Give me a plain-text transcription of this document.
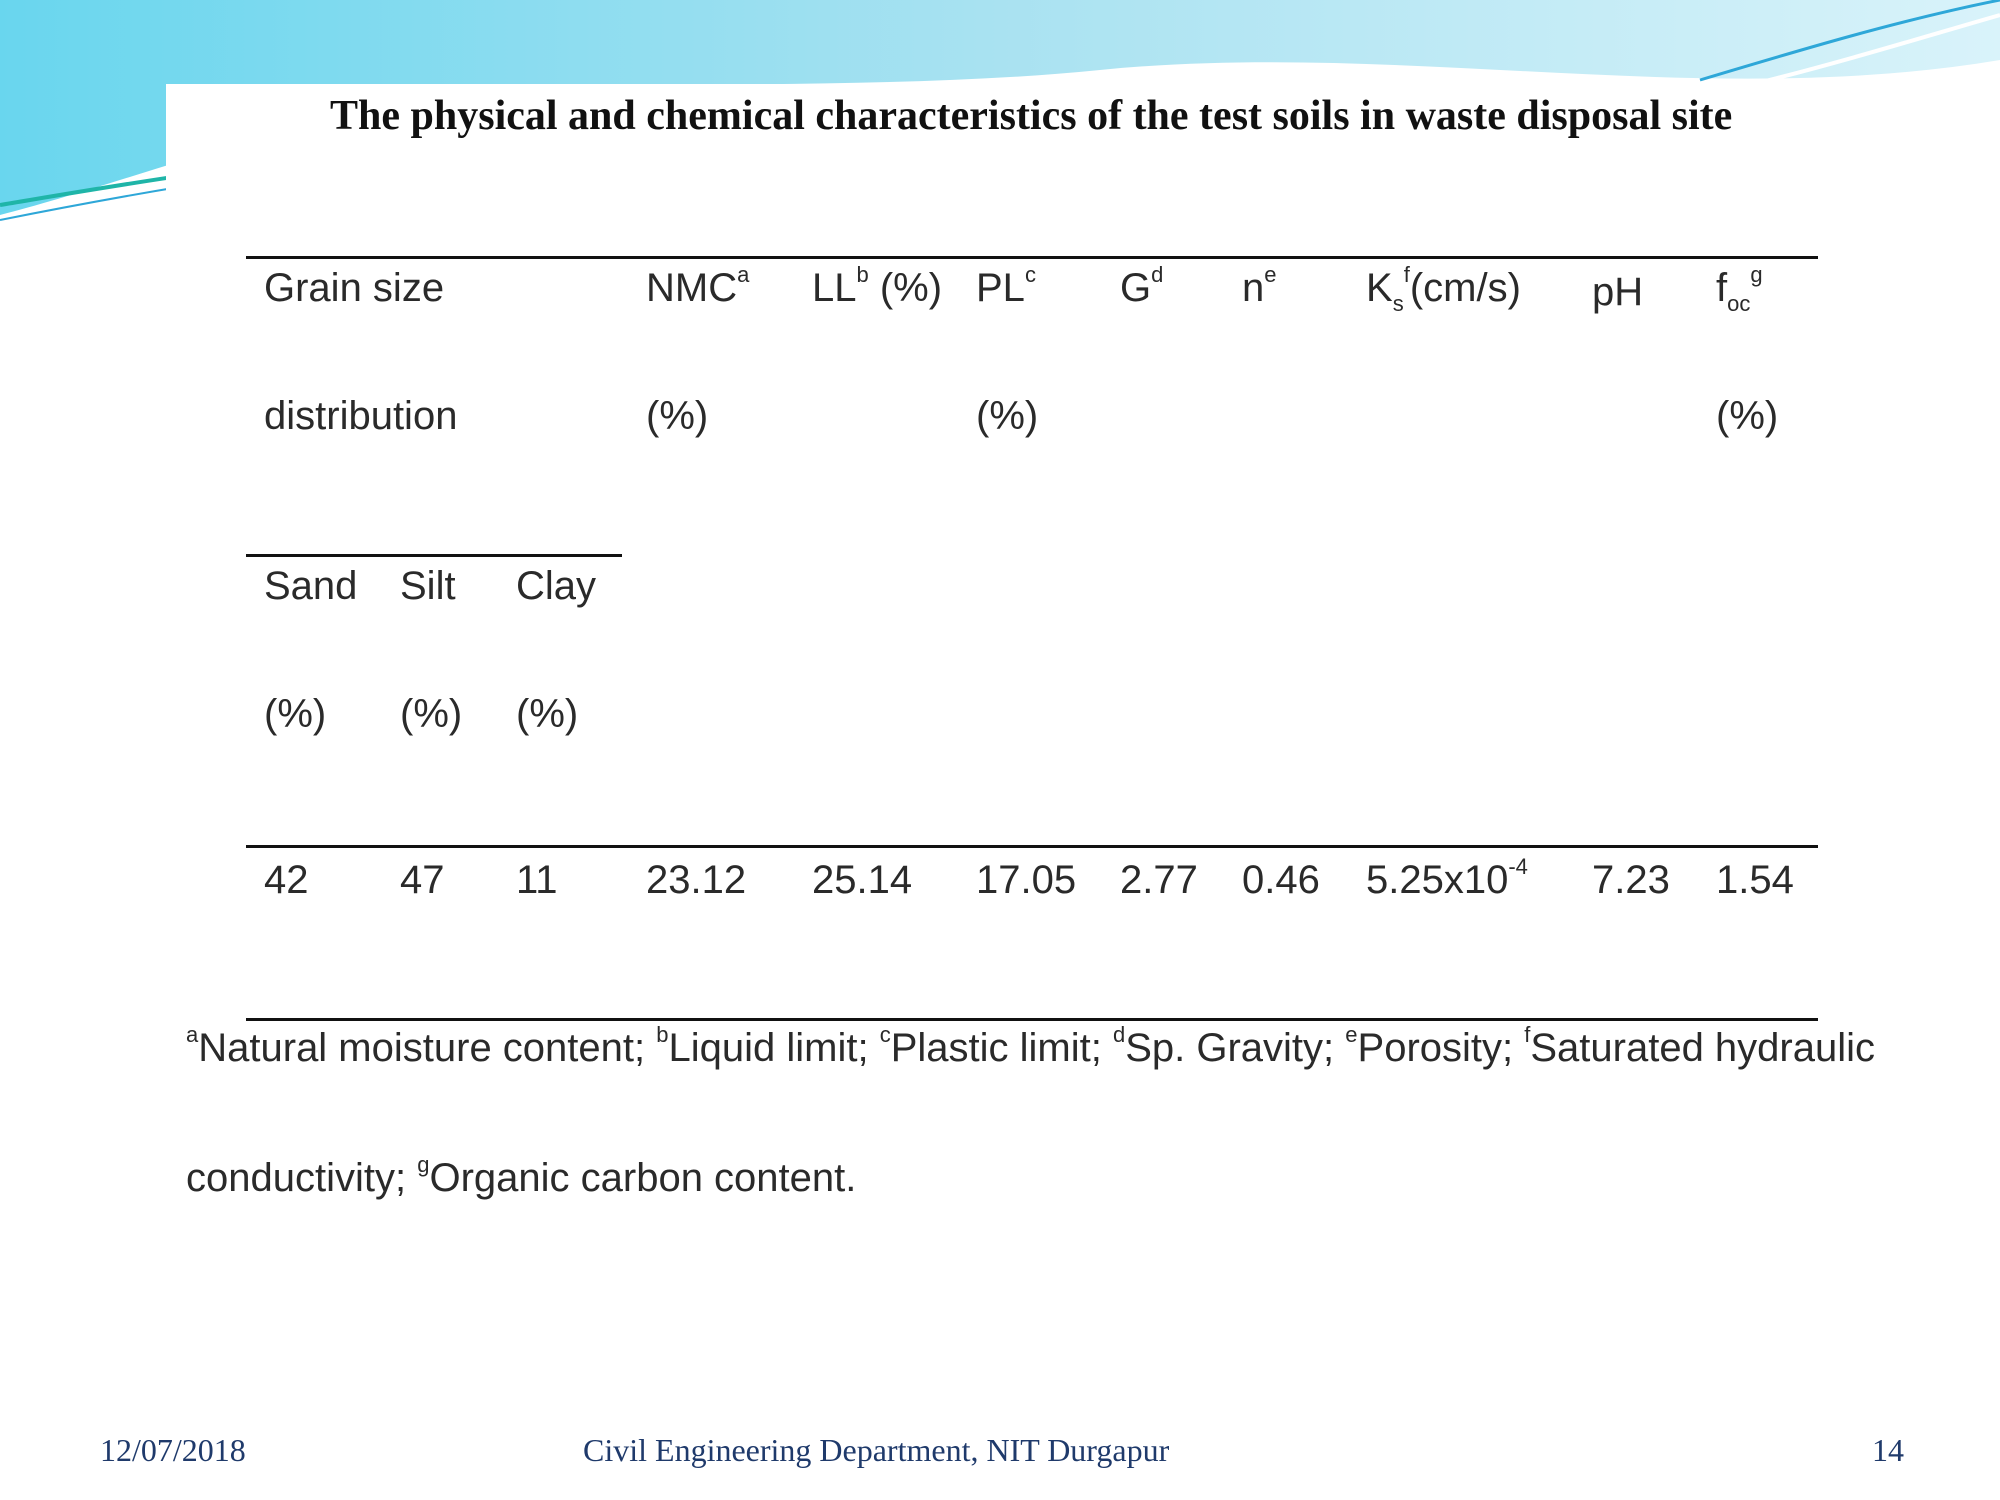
The physical and chemical characteristics of the test soils in waste disposal site
Grain size
distribution
NMC$^a$
(%)
$LL^b$ (%) $PL^c$
(%)
$G^d$ $n^e$ Ks$^f$(cm/s) pH foc$^g$
(%)
Sand Silt Clay
(%) (%) (%)
42 47 11 23.12 25.14 17.05 2.77 0.46 $5.25x10^{-4}$ 7.23 1.54
$^a$Natural moisture content; $^b$Liquid limit; $^c$Plastic limit; $^d$Sp. Gravity; $^e$Porosity; $^f$Saturated hydraulic
conductivity; $^g$Organic carbon content.
12/07/2018	Civil Engineering Department, NIT Durgapur	14
